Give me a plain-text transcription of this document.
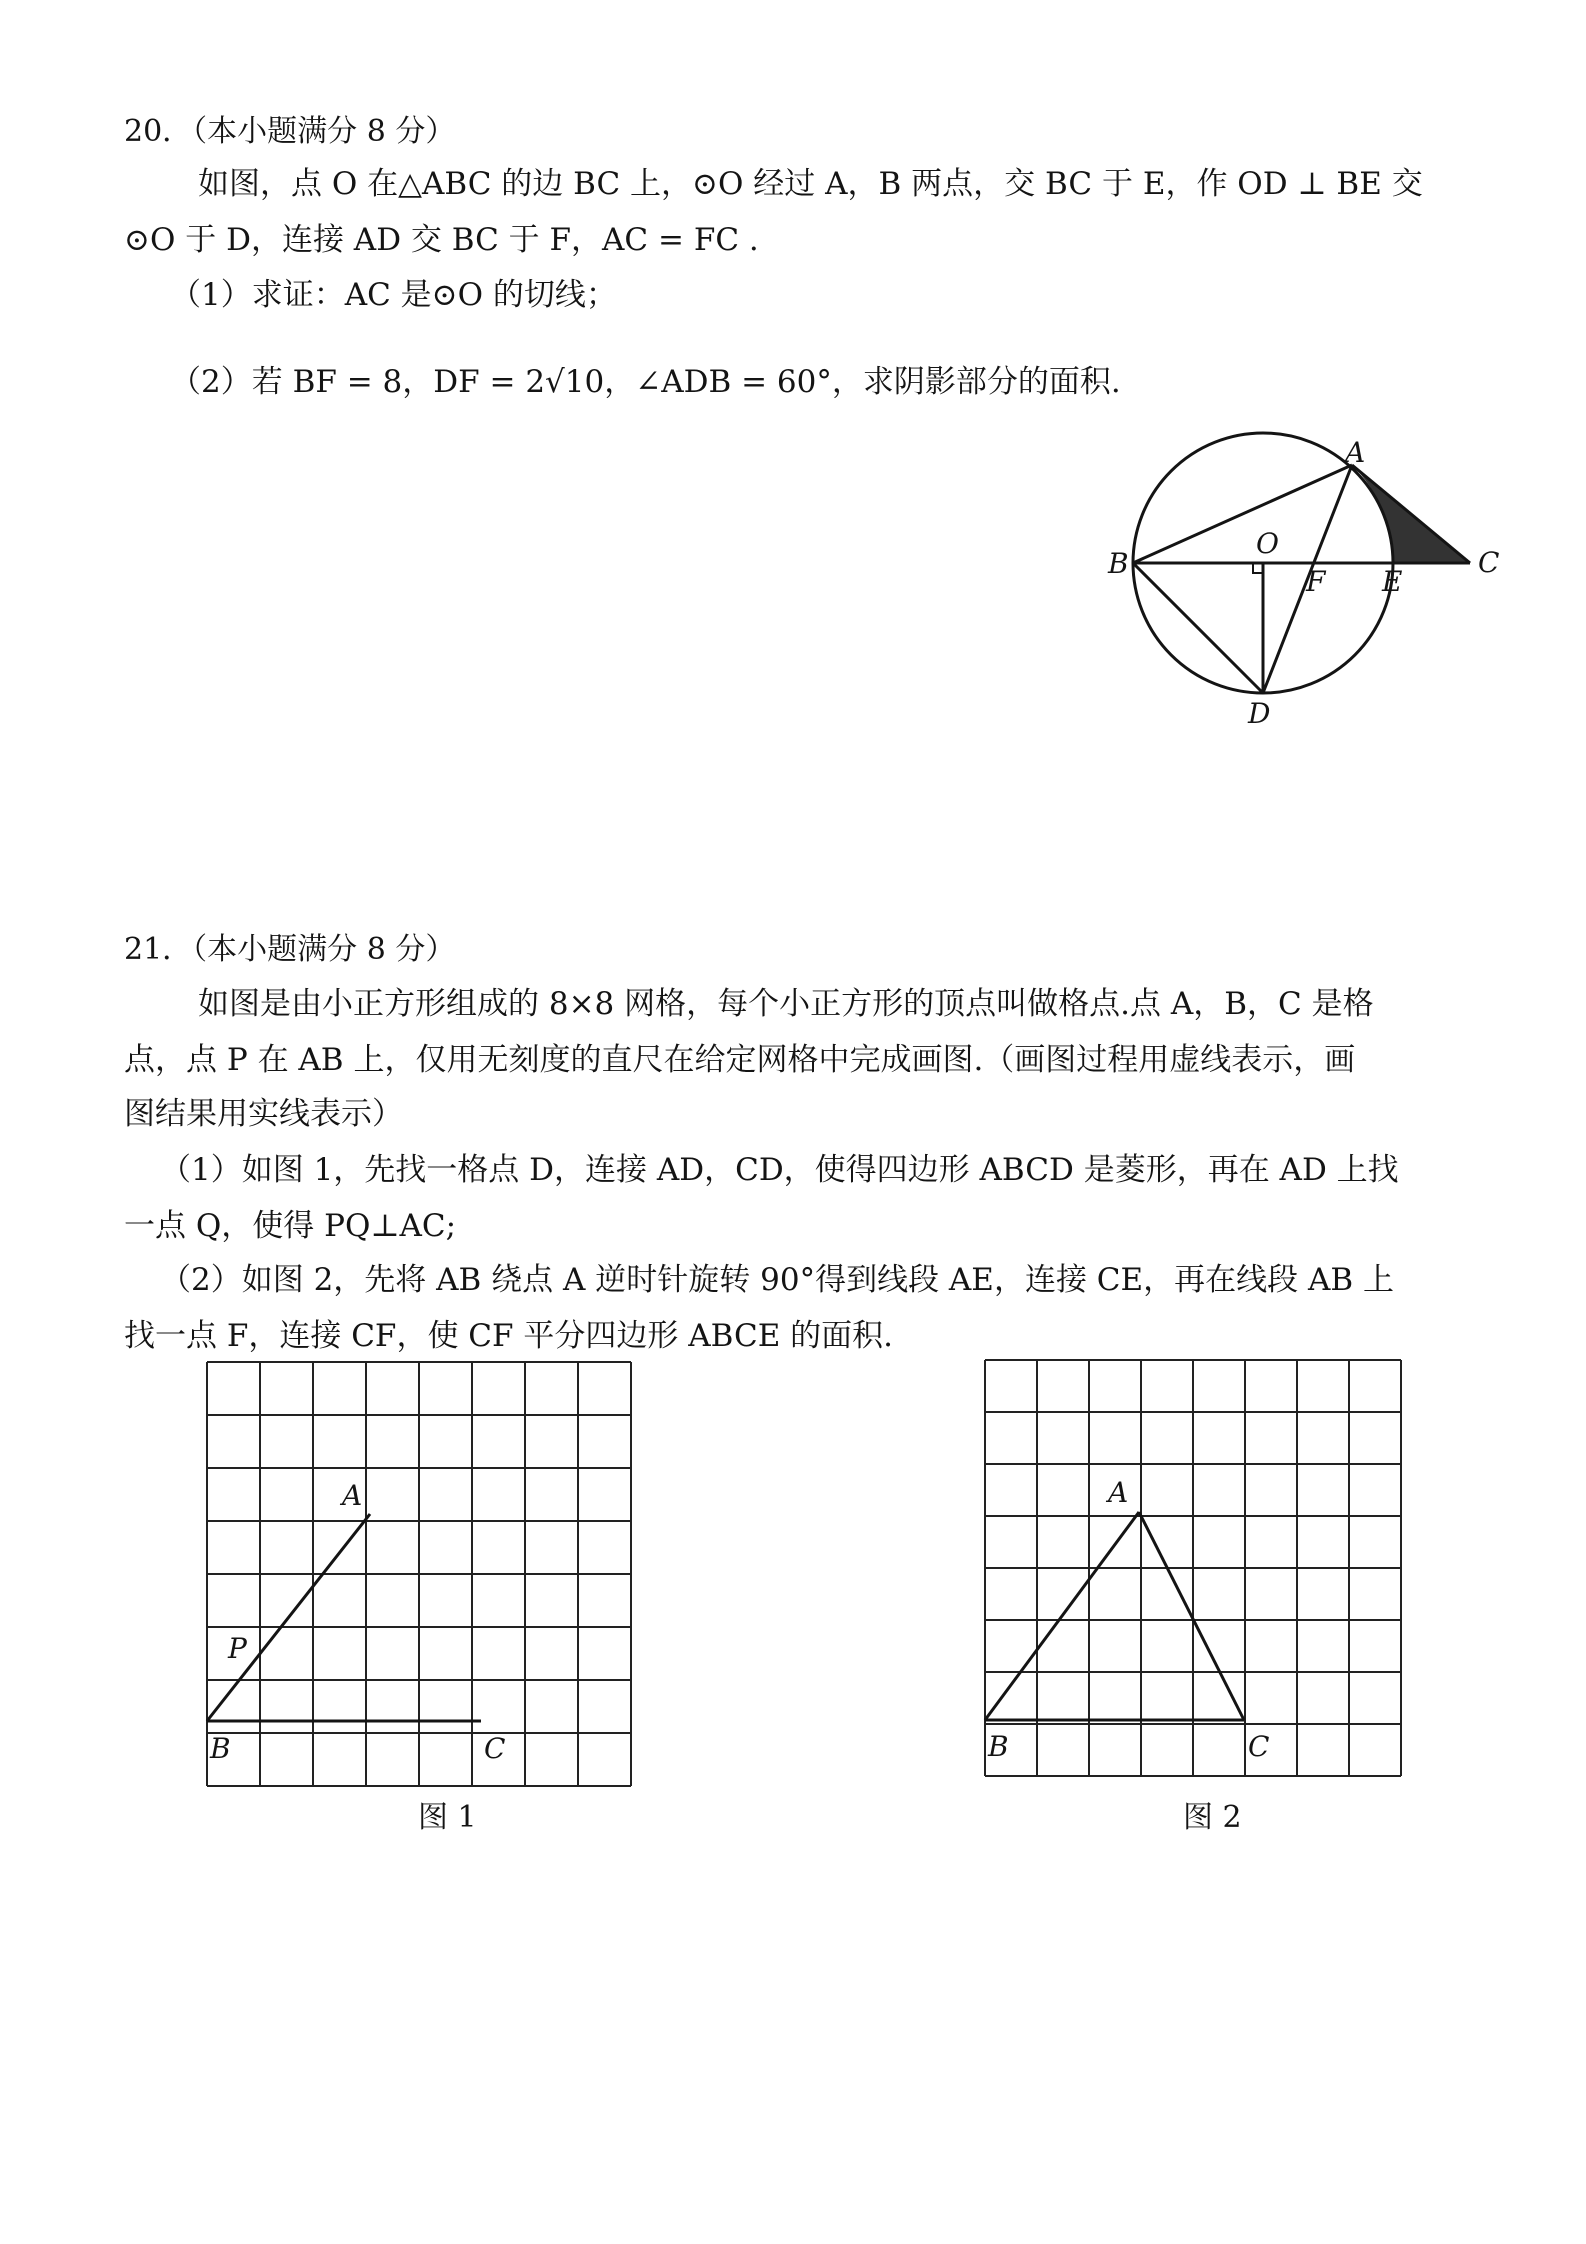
20．（本小题满分 8 分）

如图，点 O 在△ABC 的边 BC 上，⊙O 经过 A，B 两点，交 BC 于 E，作 OD ⊥ BE 交

⊙O 于 D，连接 AD 交 BC 于 F，AC = FC .

（1）求证：AC 是⊙O 的切线；

（2）若 BF = 8，DF = 2√10，∠ADB = 60°，求阴影部分的面积.

A
B	C
D
E
F
O

21．（本小题满分 8 分）

如图是由小正方形组成的 8×8 网格，每个小正方形的顶点叫做格点.点 A，B，C 是格

点，点 P 在 AB 上，仅用无刻度的直尺在给定网格中完成画图.（画图过程用虚线表示，画

图结果用实线表示）

（1）如图 1，先找一格点 D，连接 AD，CD，使得四边形 ABCD 是菱形，再在 AD 上找

一点 Q，使得 PQ⊥AC;

（2）如图 2，先将 AB 绕点 A 逆时针旋转 90°得到线段 AE，连接 CE，再在线段 AB 上

找一点 F，连接 CF，使 CF 平分四边形 ABCE 的面积.

A
B	C
P

图 1

A
B	C

图 2
